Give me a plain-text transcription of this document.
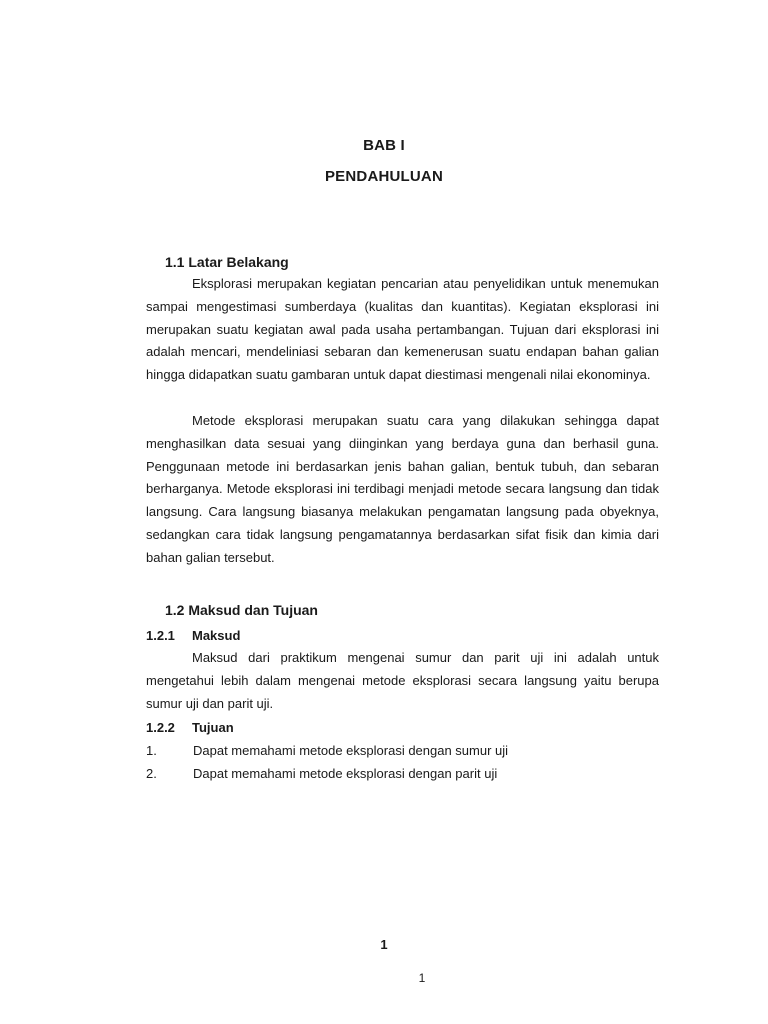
BAB I
PENDAHULUAN
1.1 Latar Belakang

Eksplorasi merupakan kegiatan pencarian atau penyelidikan untuk menemukan sampai mengestimasi sumberdaya (kualitas dan kuantitas). Kegiatan eksplorasi ini merupakan suatu kegiatan awal pada usaha pertambangan. Tujuan dari eksplorasi ini adalah mencari, mendeliniasi sebaran dan kemenerusan suatu endapan bahan galian hingga didapatkan suatu gambaran untuk dapat diestimasi mengenali nilai ekonominya.

Metode eksplorasi merupakan suatu cara yang dilakukan sehingga dapat menghasilkan data sesuai yang diinginkan yang berdaya guna dan berhasil guna. Penggunaan metode ini berdasarkan jenis bahan galian, bentuk tubuh, dan sebaran berharganya. Metode eksplorasi ini terdibagi menjadi metode secara langsung dan tidak langsung. Cara langsung biasanya melakukan pengamatan langsung pada obyeknya, sedangkan cara tidak langsung pengamatannya berdasarkan sifat fisik dan kimia dari bahan galian tersebut.

1.2 Maksud dan Tujuan
1.2.1 Maksud

Maksud dari praktikum mengenai sumur dan parit uji ini adalah untuk mengetahui lebih dalam mengenai metode eksplorasi secara langsung yaitu berupa sumur uji dan parit uji.

1.2.2 Tujuan
1.	Dapat memahami metode eksplorasi dengan sumur uji
2.	Dapat memahami metode eksplorasi dengan parit uji
1
1
